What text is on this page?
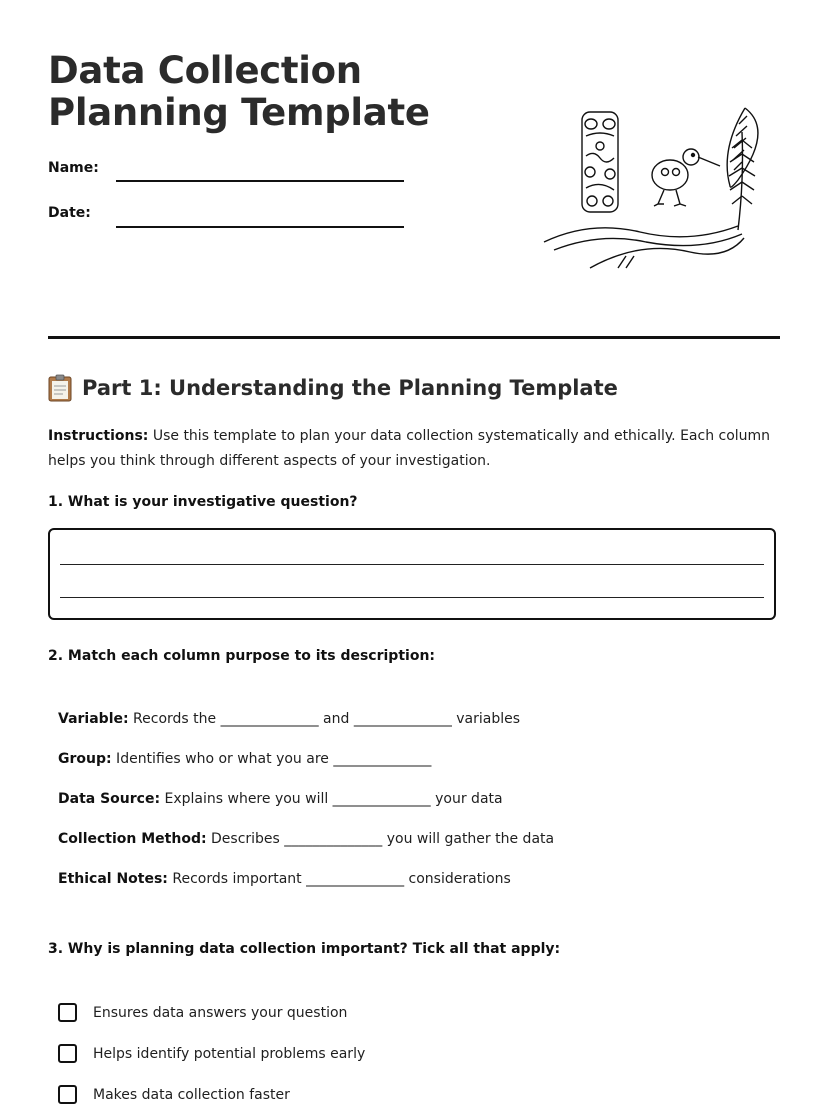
Data Collection Planning Template
Name:
Date:
Part 1: Understanding the Planning Template
Instructions: Use this template to plan your data collection systematically and ethically. Each column helps you think through different aspects of your investigation.
1. What is your investigative question?
2. Match each column purpose to its description:
Variable: Records the ______________ and ______________ variables
Group: Identifies who or what you are ______________
Data Source: Explains where you will ______________ your data
Collection Method: Describes ______________ you will gather the data
Ethical Notes: Records important ______________ considerations
3. Why is planning data collection important? Tick all that apply:
Ensures data answers your question
Helps identify potential problems early
Makes data collection faster
